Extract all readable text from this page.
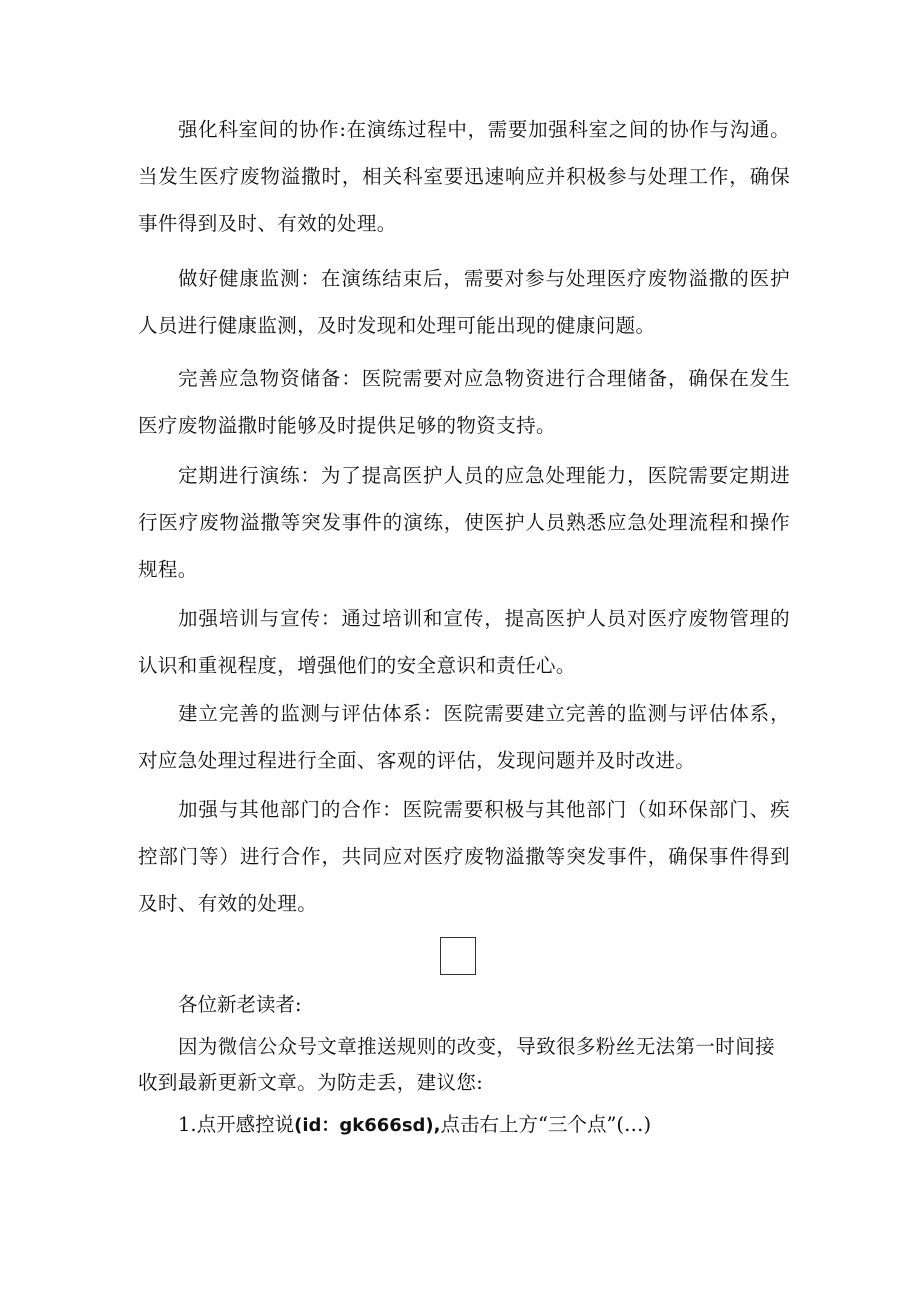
强化科室间的协作:在演练过程中，需要加强科室之间的协作与沟通。当发生医疗废物溢撒时，相关科室要迅速响应并积极参与处理工作，确保事件得到及时、有效的处理。

做好健康监测：在演练结束后，需要对参与处理医疗废物溢撒的医护人员进行健康监测，及时发现和处理可能出现的健康问题。

完善应急物资储备：医院需要对应急物资进行合理储备，确保在发生医疗废物溢撒时能够及时提供足够的物资支持。

定期进行演练：为了提高医护人员的应急处理能力，医院需要定期进行医疗废物溢撒等突发事件的演练，使医护人员熟悉应急处理流程和操作规程。

加强培训与宣传：通过培训和宣传，提高医护人员对医疗废物管理的认识和重视程度，增强他们的安全意识和责任心。

建立完善的监测与评估体系：医院需要建立完善的监测与评估体系，对应急处理过程进行全面、客观的评估，发现问题并及时改进。

加强与其他部门的合作：医院需要积极与其他部门（如环保部门、疾控部门等）进行合作，共同应对医疗废物溢撒等突发事件，确保事件得到及时、有效的处理。

各位新老读者:

因为微信公众号文章推送规则的改变，导致很多粉丝无法第一时间接收到最新更新文章。为防走丢，建议您:

1.点开感控说(id：gk666sd),点击右上方“三个点”(…)
